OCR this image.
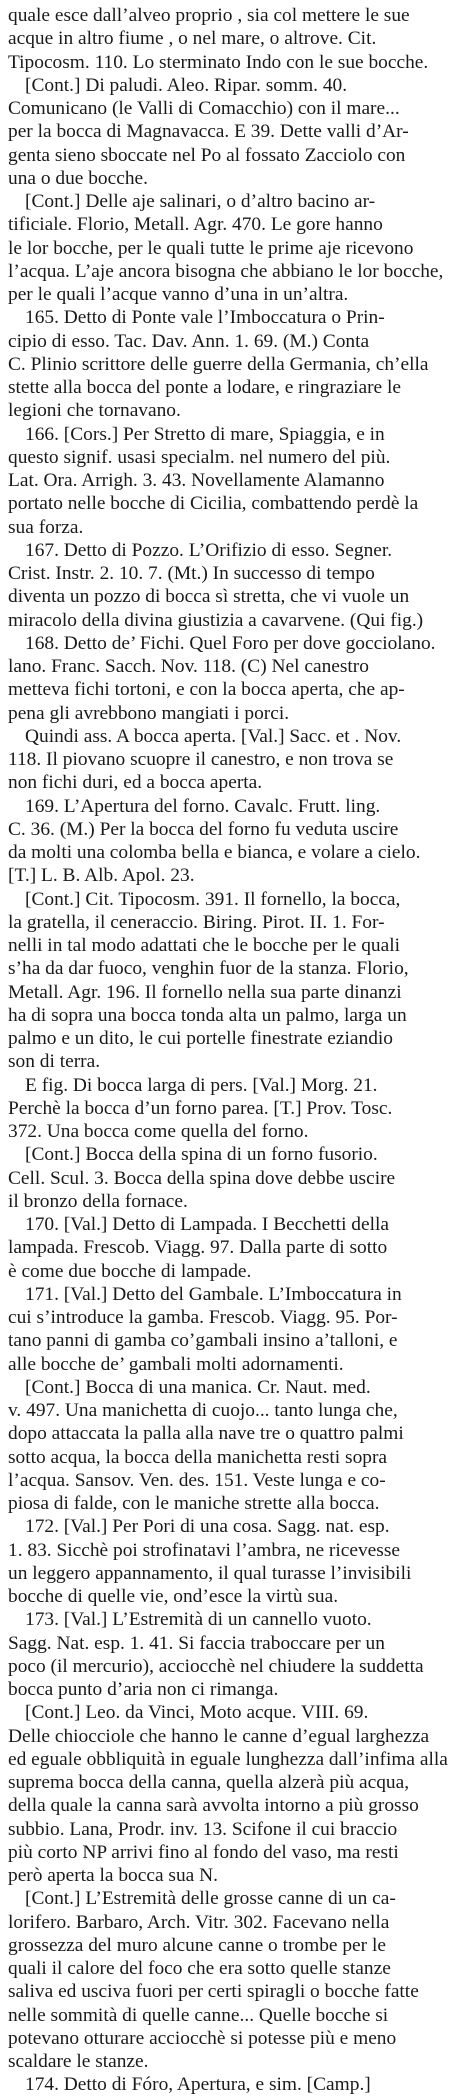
quale esce dall’alveo proprio , sia col mettere le sue
acque in altro fiume , o nel mare, o altrove. Cit.
Tipocosm. 110. Lo sterminato Indo con le sue bocche.
[Cont.] Di paludi. Aleo. Ripar. somm. 40.
Comunicano (le Valli di Comacchio) con il mare...
per la bocca di Magnavacca. E 39. Dette valli d’Ar-
genta sieno sboccate nel Po al fossato Zacciolo con
una o due bocche.
[Cont.] Delle aje salinari, o d’altro bacino ar-
tificiale. Florio, Metall. Agr. 470. Le gore hanno
le lor bocche, per le quali tutte le prime aje ricevono
l’acqua. L’aje ancora bisogna che abbiano le lor bocche,
per le quali l’acque vanno d’una in un’altra.
165. Detto di Ponte vale l’Imboccatura o Prin-
cipio di esso. Tac. Dav. Ann. 1. 69. (M.) Conta
C. Plinio scrittore delle guerre della Germania, ch’ella
stette alla bocca del ponte a lodare, e ringraziare le
legioni che tornavano.
166. [Cors.] Per Stretto di mare, Spiaggia, e in
questo signif. usasi specialm. nel numero del più.
Lat. Ora. Arrigh. 3. 43. Novellamente Alamanno
portato nelle bocche di Cicilia, combattendo perdè la
sua forza.
167. Detto di Pozzo. L’Orifizio di esso. Segner.
Crist. Instr. 2. 10. 7. (Mt.) In successo di tempo
diventa un pozzo di bocca sì stretta, che vi vuole un
miracolo della divina giustizia a cavarvene. (Qui fig.)
168. Detto de’ Fichi. Quel Foro per dove gocciolano.
lano. Franc. Sacch. Nov. 118. (C) Nel canestro
metteva fichi tortoni, e con la bocca aperta, che ap-
pena gli avrebbono mangiati i porci.
Quindi ass. A bocca aperta. [Val.] Sacc. et . Nov.
118. Il piovano scuopre il canestro, e non trova se
non fichi duri, ed a bocca aperta.
169. L’Apertura del forno. Cavalc. Frutt. ling.
C. 36. (M.) Per la bocca del forno fu veduta uscire
da molti una colomba bella e bianca, e volare a cielo.
[T.] L. B. Alb. Apol. 23.
[Cont.] Cit. Tipocosm. 391. Il fornello, la bocca,
la gratella, il ceneraccio. Biring. Pirot. II. 1. For-
nelli in tal modo adattati che le bocche per le quali
s’ha da dar fuoco, venghin fuor de la stanza. Florio,
Metall. Agr. 196. Il fornello nella sua parte dinanzi
ha di sopra una bocca tonda alta un palmo, larga un
palmo e un dito, le cui portelle finestrate eziandio
son di terra.
E fig. Di bocca larga di pers. [Val.] Morg. 21.
Perchè la bocca d’un forno parea. [T.] Prov. Tosc.
372. Una bocca come quella del forno.
[Cont.] Bocca della spina di un forno fusorio.
Cell. Scul. 3. Bocca della spina dove debbe uscire
il bronzo della fornace.
170. [Val.] Detto di Lampada. I Becchetti della
lampada. Frescob. Viagg. 97. Dalla parte di sotto
è come due bocche di lampade.
171. [Val.] Detto del Gambale. L’Imboccatura in
cui s’introduce la gamba. Frescob. Viagg. 95. Por-
tano panni di gamba co’gambali insino a’talloni, e
alle bocche de’ gambali molti adornamenti.
[Cont.] Bocca di una manica. Cr. Naut. med.
v. 497. Una manichetta di cuojo... tanto lunga che,
dopo attaccata la palla alla nave tre o quattro palmi
sotto acqua, la bocca della manichetta resti sopra
l’acqua. Sansov. Ven. des. 151. Veste lunga e co-
piosa di falde, con le maniche strette alla bocca.
172. [Val.] Per Pori di una cosa. Sagg. nat. esp.
1. 83. Sicchè poi strofinatavi l’ambra, ne ricevesse
un leggero appannamento, il qual turasse l’invisibili
bocche di quelle vie, ond’esce la virtù sua.
173. [Val.] L’Estremità di un cannello vuoto.
Sagg. Nat. esp. 1. 41. Si faccia traboccare per un
poco (il mercurio), acciocchè nel chiudere la suddetta
bocca punto d’aria non ci rimanga.
[Cont.] Leo. da Vinci, Moto acque. VIII. 69.
Delle chiocciole che hanno le canne d’egual larghezza
ed eguale obbliquità in eguale lunghezza dall’infima alla
suprema bocca della canna, quella alzerà più acqua,
della quale la canna sarà avvolta intorno a più grosso
subbio. Lana, Prodr. inv. 13. Scifone il cui braccio
più corto NP arrivi fino al fondo del vaso, ma resti
però aperta la bocca sua N.
[Cont.] L’Estremità delle grosse canne di un ca-
lorifero. Barbaro, Arch. Vitr. 302. Facevano nella
grossezza del muro alcune canne o trombe per le
quali il calore del foco che era sotto quelle stanze
saliva ed usciva fuori per certi spiragli o bocche fatte
nelle sommità di quelle canne... Quelle bocche si
potevano otturare acciocchè si potesse più e meno
scaldare le stanze.
174. Detto di Fóro, Apertura, e sim. [Camp.]
